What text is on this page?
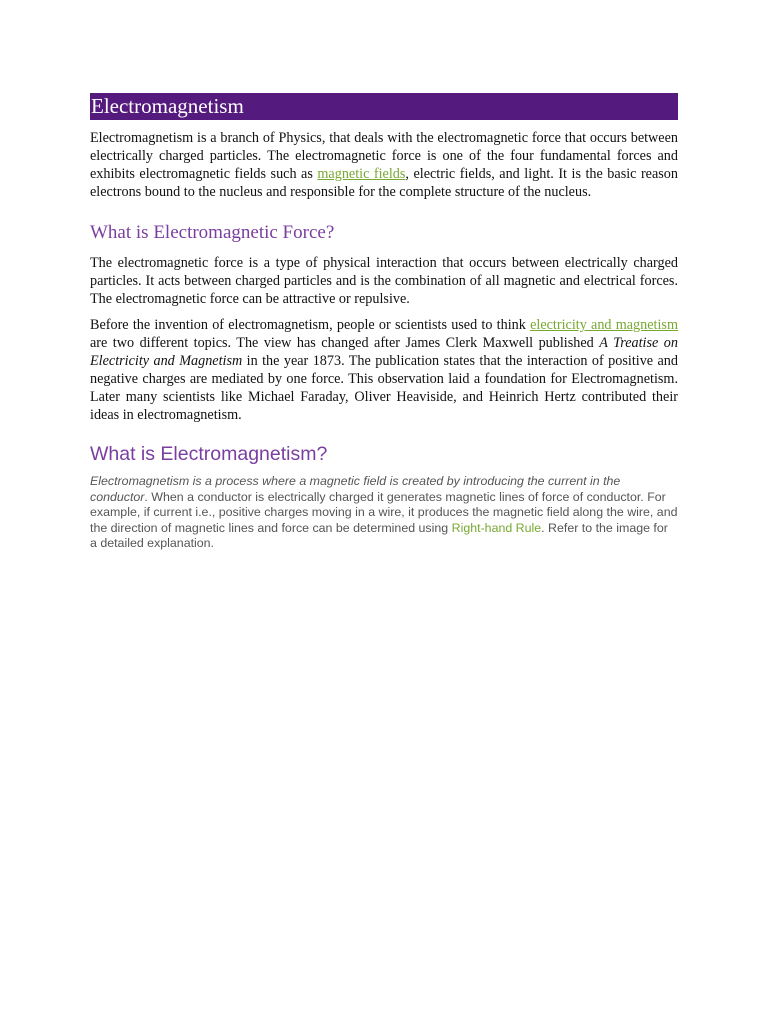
Electromagnetism

Electromagnetism is a branch of Physics, that deals with the electromagnetic force that occurs between electrically charged particles. The electromagnetic force is one of the four fundamental forces and exhibits electromagnetic fields such as magnetic fields, electric fields, and light. It is the basic reason electrons bound to the nucleus and responsible for the complete structure of the nucleus.

What is Electromagnetic Force?

The electromagnetic force is a type of physical interaction that occurs between electrically charged particles. It acts between charged particles and is the combination of all magnetic and electrical forces. The electromagnetic force can be attractive or repulsive.

Before the invention of electromagnetism, people or scientists used to think electricity and magnetism are two different topics. The view has changed after James Clerk Maxwell published A Treatise on Electricity and Magnetism in the year 1873. The publication states that the interaction of positive and negative charges are mediated by one force. This observation laid a foundation for Electromagnetism. Later many scientists like Michael Faraday, Oliver Heaviside, and Heinrich Hertz contributed their ideas in electromagnetism.

What is Electromagnetism?

Electromagnetism is a process where a magnetic field is created by introducing the current in the conductor. When a conductor is electrically charged it generates magnetic lines of force of conductor. For example, if current i.e., positive charges moving in a wire, it produces the magnetic field along the wire, and the direction of magnetic lines and force can be determined using Right-hand Rule. Refer to the image for a detailed explanation.
